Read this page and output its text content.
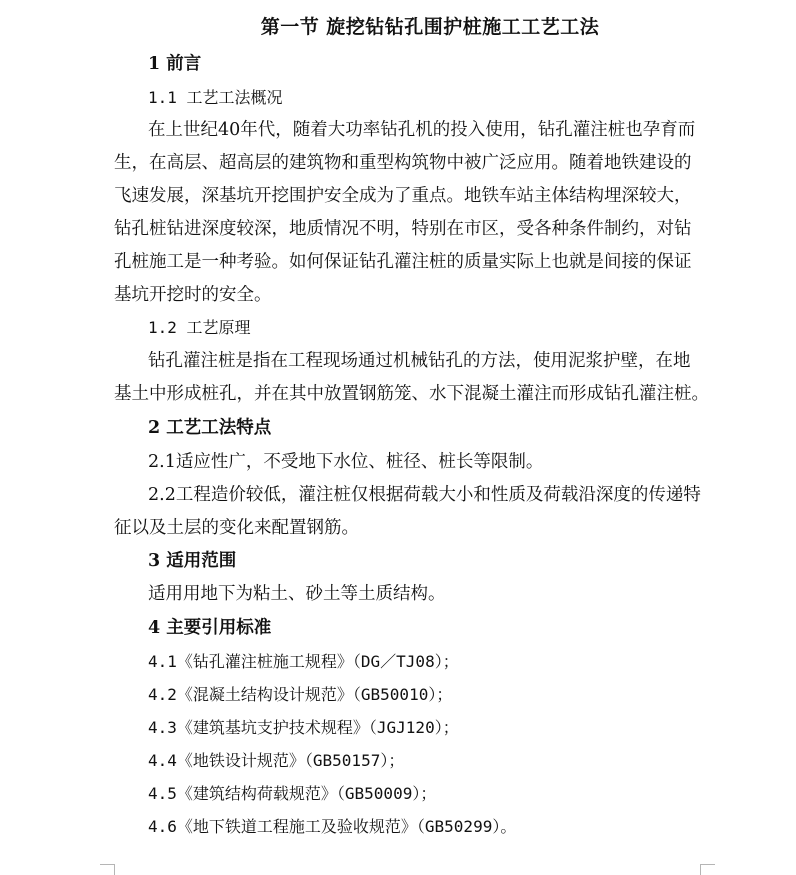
第一节 旋挖钻钻孔围护桩施工工艺工法
1 前言
1.1 工艺工法概况
在上世纪40年代，随着大功率钻孔机的投入使用，钻孔灌注桩也孕育而
生，在高层、超高层的建筑物和重型构筑物中被广泛应用。随着地铁建设的
飞速发展，深基坑开挖围护安全成为了重点。地铁车站主体结构埋深较大，
钻孔桩钻进深度较深，地质情况不明，特别在市区，受各种条件制约，对钻
孔桩施工是一种考验。如何保证钻孔灌注桩的质量实际上也就是间接的保证
基坑开挖时的安全。
1.2 工艺原理
钻孔灌注桩是指在工程现场通过机械钻孔的方法，使用泥浆护壁，在地
基土中形成桩孔，并在其中放置钢筋笼、水下混凝土灌注而形成钻孔灌注桩。
2 工艺工法特点
2.1适应性广，不受地下水位、桩径、桩长等限制。
2.2工程造价较低，灌注桩仅根据荷载大小和性质及荷载沿深度的传递特
征以及土层的变化来配置钢筋。
3 适用范围
适用用地下为粘土、砂土等土质结构。
4 主要引用标准
4.1《钻孔灌注桩施工规程》（DG／TJ08）；
4.2《混凝土结构设计规范》（GB50010）；
4.3《建筑基坑支护技术规程》（JGJ120）；
4.4《地铁设计规范》（GB50157）；
4.5《建筑结构荷载规范》（GB50009）；
4.6《地下铁道工程施工及验收规范》（GB50299）。
